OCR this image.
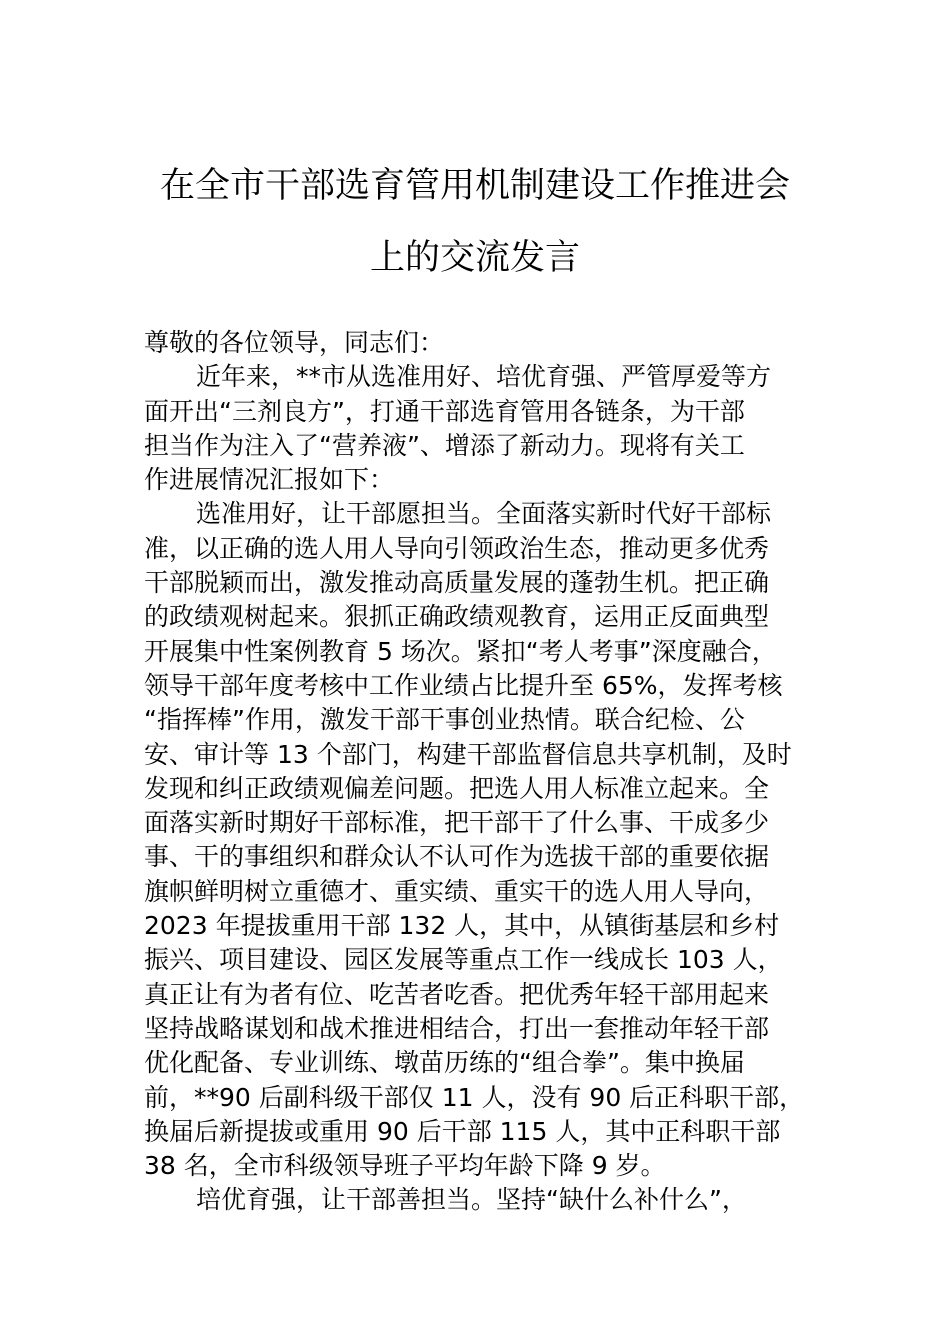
在全市干部选育管用机制建设工作推进会
上的交流发言
尊敬的各位领导，同志们：
近年来，**市从选准用好、培优育强、严管厚爱等方
面开出“三剂良方”，打通干部选育管用各链条，为干部
担当作为注入了“营养液”、增添了新动力。现将有关工
作进展情况汇报如下：
选准用好，让干部愿担当。全面落实新时代好干部标
准，以正确的选人用人导向引领政治生态，推动更多优秀
干部脱颖而出，激发推动高质量发展的蓬勃生机。把正确
的政绩观树起来。狠抓正确政绩观教育，运用正反面典型
开展集中性案例教育 5 场次。紧扣“考人考事”深度融合，
领导干部年度考核中工作业绩占比提升至 65%，发挥考核
“指挥棒”作用，激发干部干事创业热情。联合纪检、公
安、审计等 13 个部门，构建干部监督信息共享机制，及时
发现和纠正政绩观偏差问题。把选人用人标准立起来。全
面落实新时期好干部标准，把干部干了什么事、干成多少
事、干的事组织和群众认不认可作为选拔干部的重要依据
旗帜鲜明树立重德才、重实绩、重实干的选人用人导向，
2023 年提拔重用干部 132 人，其中，从镇街基层和乡村
振兴、项目建设、园区发展等重点工作一线成长 103 人，
真正让有为者有位、吃苦者吃香。把优秀年轻干部用起来
坚持战略谋划和战术推进相结合，打出一套推动年轻干部
优化配备、专业训练、墩苗历练的“组合拳”。集中换届
前，**90 后副科级干部仅 11 人，没有 90 后正科职干部，
换届后新提拔或重用 90 后干部 115 人，其中正科职干部
38 名，全市科级领导班子平均年龄下降 9 岁。
培优育强，让干部善担当。坚持“缺什么补什么”，
